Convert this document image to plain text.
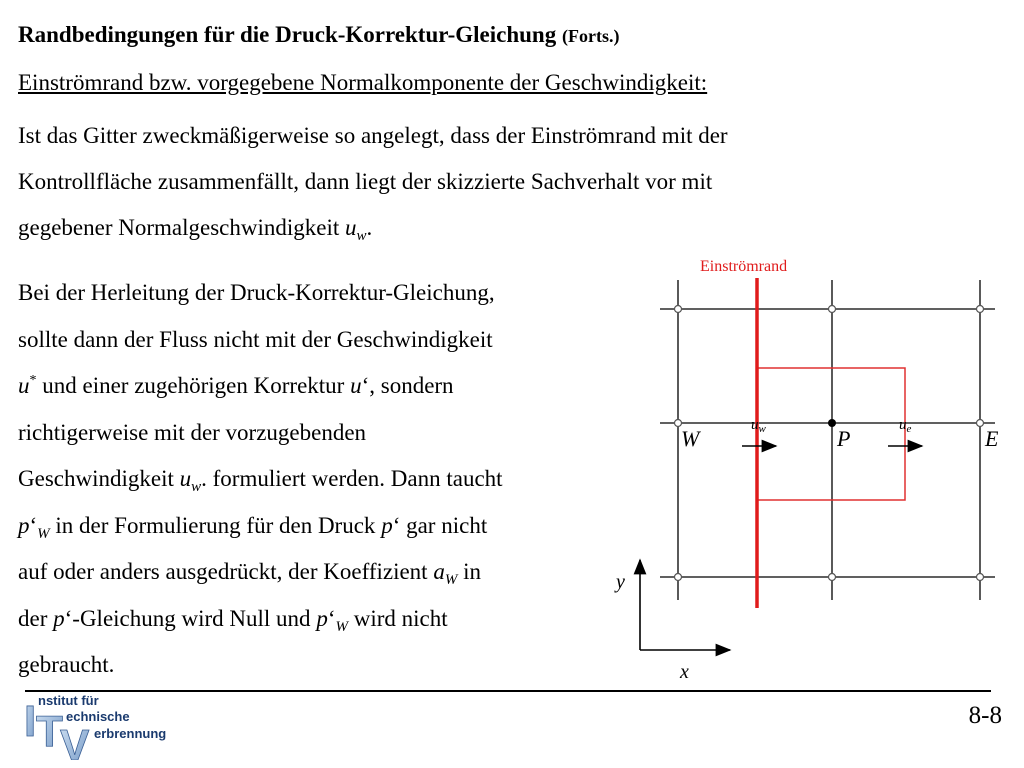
Randbedingungen für die Druck-Korrektur-Gleichung (Forts.)
Einströmrand bzw. vorgegebene Normalkomponente der Geschwindigkeit:
Ist das Gitter zweckmäßigerweise so angelegt, dass der Einströmrand mit der
Kontrollfläche zusammenfällt, dann liegt der skizzierte Sachverhalt vor mit
gegebener Normalgeschwindigkeit $u_w$.
Bei der Herleitung der Druck-Korrektur-Gleichung,
sollte dann der Fluss nicht mit der Geschwindigkeit
u* und einer zugehörigen Korrektur u‘, sondern
richtigerweise mit der vorzugebenden
Geschwindigkeit $u_w$. formuliert werden. Dann taucht
$p‘_W$ in der Formulierung für den Druck p‘ gar nicht
auf oder anders ausgedrückt, der Koeffizient $a_W$ in
der p‘-Gleichung wird Null und $p‘_W$ wird nicht
gebraucht.
Einströmrand
$u_w$	$u_e$
W	P	E
y
x
I T
V
nstitut für
echnische
erbrennung
8-8
